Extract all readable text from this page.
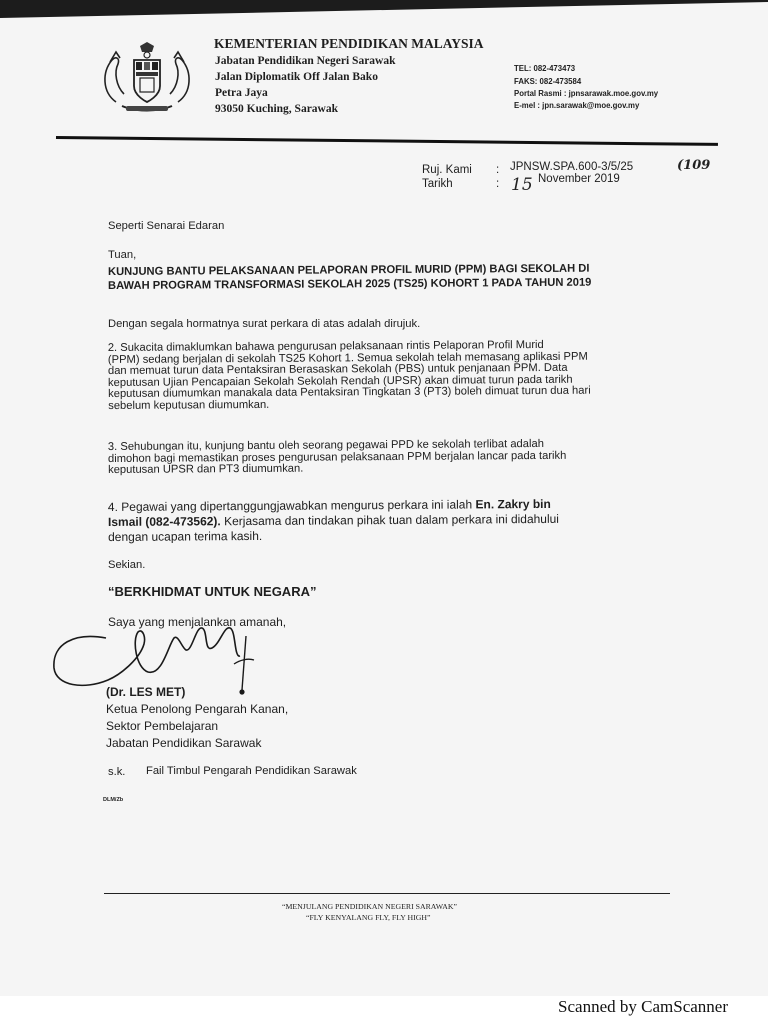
KEMENTERIAN PENDIDIKAN MALAYSIA
Jabatan Pendidikan Negeri Sarawak
Jalan Diplomatik Off Jalan Bako
Petra Jaya
93050 Kuching, Sarawak
TEL: 082-473473
FAKS: 082-473584
Portal Rasmi : jpnsarawak.moe.gov.my
E-mel : jpn.sarawak@moe.gov.my
Ruj. Kami : JPNSW.SPA.600-3/5/25	(109
Tarikh	: 15 November 2019
Seperti Senarai Edaran
Tuan,
KUNJUNG BANTU PELAKSANAAN PELAPORAN PROFIL MURID (PPM) BAGI SEKOLAH DI
BAWAH PROGRAM TRANSFORMASI SEKOLAH 2025 (TS25) KOHORT 1 PADA TAHUN 2019
Dengan segala hormatnya surat perkara di atas adalah dirujuk.
2. Sukacita dimaklumkan bahawa pengurusan pelaksanaan rintis Pelaporan Profil Murid
(PPM) sedang berjalan di sekolah TS25 Kohort 1. Semua sekolah telah memasang aplikasi PPM
dan memuat turun data Pentaksiran Berasaskan Sekolah (PBS) untuk penjanaan PPM. Data
keputusan Ujian Pencapaian Sekolah Sekolah Rendah (UPSR) akan dimuat turun pada tarikh
keputusan diumumkan manakala data Pentaksiran Tingkatan 3 (PT3) boleh dimuat turun dua hari
sebelum keputusan diumumkan.
3. Sehubungan itu, kunjung bantu oleh seorang pegawai PPD ke sekolah terlibat adalah
dimohon bagi memastikan proses pengurusan pelaksanaan PPM berjalan lancar pada tarikh
keputusan UPSR dan PT3 diumumkan.
4. Pegawai yang dipertanggungjawabkan mengurus perkara ini ialah En. Zakry bin
Ismail (082-473562). Kerjasama dan tindakan pihak tuan dalam perkara ini didahului
dengan ucapan terima kasih.
Sekian.
“BERKHIDMAT UNTUK NEGARA”
Saya yang menjalankan amanah,
(Dr. LES MET)
Ketua Penolong Pengarah Kanan,
Sektor Pembelajaran
Jabatan Pendidikan Sarawak
s.k. Fail Timbul Pengarah Pendidikan Sarawak
DLM/Zb
“MENJULANG PENDIDIKAN NEGERI SARAWAK”
“FLY KENYALANG FLY, FLY HIGH”
Scanned by CamScanner
